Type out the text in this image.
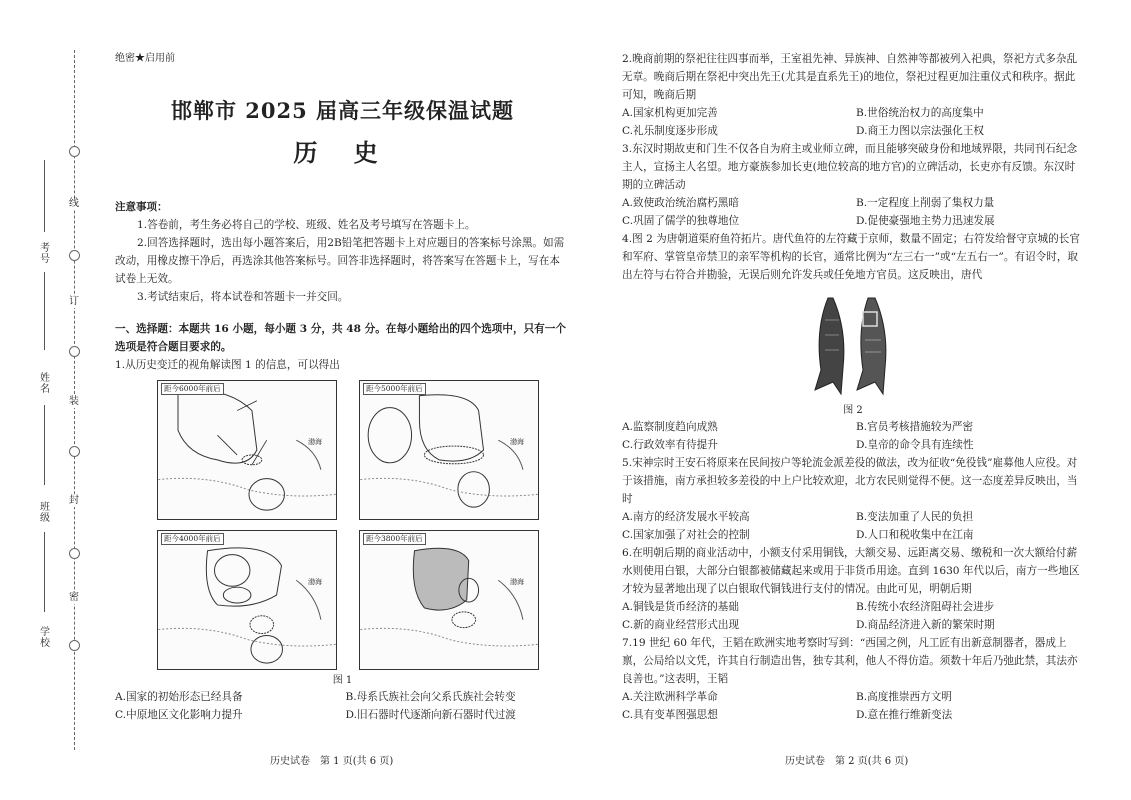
线
订
装
封
密
考号
姓名
班级
学校
绝密★启用前
邯郸市 2025 届高三年级保温试题
历 史
注意事项：
1.答卷前，考生务必将自己的学校、班级、姓名及考号填写在答题卡上。
2.回答选择题时，选出每小题答案后，用2B铅笔把答题卡上对应题目的答案标号涂黑。如需改动，用橡皮擦干净后，再选涂其他答案标号。回答非选择题时，将答案写在答题卡上，写在本试卷上无效。
3.考试结束后，将本试卷和答题卡一并交回。
一、选择题：本题共 16 小题，每小题 3 分，共 48 分。在每小题给出的四个选项中，只有一个选项是符合题目要求的。
1.从历史变迁的视角解读图 1 的信息，可以得出
距今6000年前后
渤海
距今5000年前后
渤海
距今4000年前后
渤海
距今3800年前后
渤海
图 1
A.国家的初始形态已经具备	B.母系氏族社会向父系氏族社会转变
C.中原地区文化影响力提升	D.旧石器时代逐渐向新石器时代过渡
历史试卷　第 1 页(共 6 页)
2.晚商前期的祭祀往往四事而举，王室祖先神、异族神、自然神等都被列入祀典，祭祀方式多杂乱无章。晚商后期在祭祀中突出先王(尤其是直系先王)的地位，祭祀过程更加注重仪式和秩序。据此可知，晚商后期
A.国家机构更加完善	B.世俗统治权力的高度集中
C.礼乐制度逐步形成	D.商王力图以宗法强化王权
3.东汉时期故吏和门生不仅各自为府主或业师立碑，而且能够突破身份和地域界限，共同刊石纪念主人，宣扬主人名望。地方豪族参加长吏(地位较高的地方官)的立碑活动，长吏亦有反馈。东汉时期的立碑活动
A.致使政治统治腐朽黑暗	B.一定程度上削弱了集权力量
C.巩固了儒学的独尊地位	D.促使豪强地主势力迅速发展
4.图 2 为唐朝道渠府鱼符拓片。唐代鱼符的左符藏于京师，数量不固定；右符发给督守京城的长官和军府、掌管皇帝禁卫的亲军等机构的长官，通常比例为“左三右一”或“左五右一”。有诏令时，取出左符与右符合并勘验，无误后则允许发兵或任免地方官员。这反映出，唐代
图 2
A.监察制度趋向成熟	B.官员考核措施较为严密
C.行政效率有待提升	D.皇帝的命令具有连续性
5.宋神宗时王安石将原来在民间按户等轮流金派差役的做法，改为征收“免役钱”雇募他人应役。对于该措施，南方承担较多差役的中上户比较欢迎，北方农民则觉得不便。这一态度差异反映出，当时
A.南方的经济发展水平较高	B.变法加重了人民的负担
C.国家加强了对社会的控制	D.人口和税收集中在江南
6.在明朝后期的商业活动中，小额支付采用铜钱，大额交易、远距离交易、缴税和一次大额给付薪水则使用白银，大部分白银都被储藏起来或用于非货币用途。直到 1630 年代以后，南方一些地区才较为显著地出现了以白银取代铜钱进行支付的情况。由此可见，明朝后期
A.铜钱是货币经济的基础	B.传统小农经济阻碍社会进步
C.新的商业经营形式出现	D.商品经济进入新的繁荣时期
7.19 世纪 60 年代，王韬在欧洲实地考察时写到：“西国之例，凡工匠有出新意制器者，器成上禀，公局给以文凭，许其自行制造出售，独专其利，他人不得仿造。须数十年后乃弛此禁，其法亦良善也。”这表明，王韬
A.关注欧洲科学革命	B.高度推崇西方文明
C.具有变革图强思想	D.意在推行维新变法
历史试卷　第 2 页(共 6 页)
